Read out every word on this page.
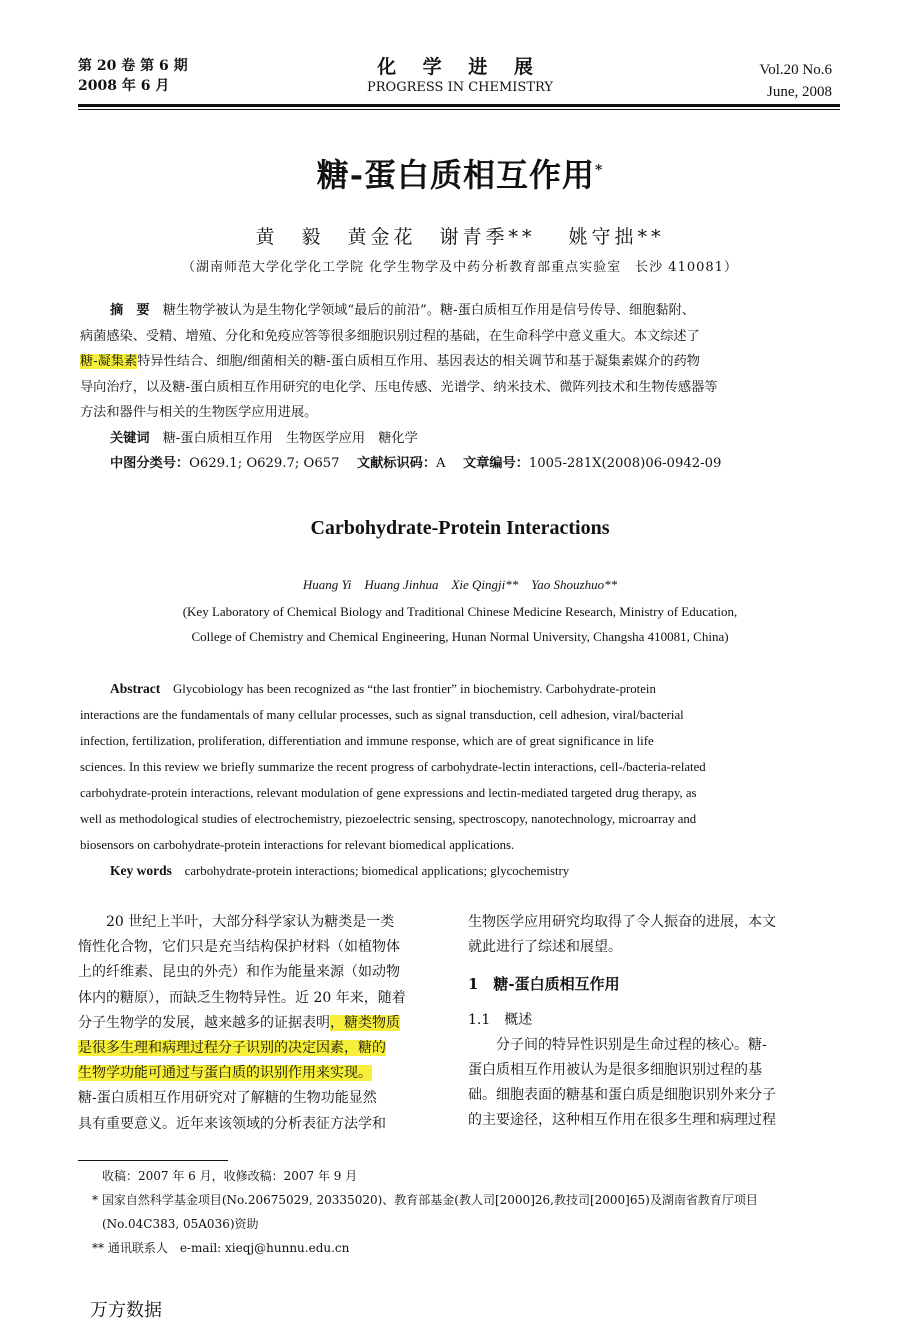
第 20 卷 第 6 期
2008 年 6 月
化 学 进 展
PROGRESS IN CHEMISTRY
Vol.20 No.6
June, 2008
糖-蛋白质相互作用*
黄　毅　黄金花　谢青季** 　姚守拙**
（湖南师范大学化学化工学院 化学生物学及中药分析教育部重点实验室　长沙 410081）
摘　要　 糖生物学被认为是生物化学领域“最后的前沿”。糖-蛋白质相互作用是信号传导、细胞黏附、
病菌感染、受精、增殖、分化和免疫应答等很多细胞识别过程的基础，在生命科学中意义重大。本文综述了
糖-凝集素特异性结合、细胞/细菌相关的糖-蛋白质相互作用、基因表达的相关调节和基于凝集素媒介的药物
导向治疗，以及糖-蛋白质相互作用研究的电化学、压电传感、光谱学、纳米技术、微阵列技术和生物传感器等
方法和器件与相关的生物医学应用进展。
关键词　 糖-蛋白质相互作用　生物医学应用　糖化学
中图分类号：O629.1; O629.7; O657　 文献标识码：A　 文章编号：1005-281X(2008)06-0942-09
Carbohydrate-Protein Interactions
Huang Yi　Huang Jinhua　Xie Qingji**　Yao Shouzhuo**
(Key Laboratory of Chemical Biology and Traditional Chinese Medicine Research, Ministry of Education,
College of Chemistry and Chemical Engineering, Hunan Normal University, Changsha 410081, China)
Abstract Glycobiology has been recognized as “the last frontier” in biochemistry. Carbohydrate-protein
interactions are the fundamentals of many cellular processes, such as signal transduction, cell adhesion, viral/bacterial
infection, fertilization, proliferation, differentiation and immune response, which are of great significance in life
sciences. In this review we briefly summarize the recent progress of carbohydrate-lectin interactions, cell-/bacteria-related
carbohydrate-protein interactions, relevant modulation of gene expressions and lectin-mediated targeted drug therapy, as
well as methodological studies of electrochemistry, piezoelectric sensing, spectroscopy, nanotechnology, microarray and
biosensors on carbohydrate-protein interactions for relevant biomedical applications.
Key words carbohydrate-protein interactions; biomedical applications; glycochemistry
20 世纪上半叶，大部分科学家认为糖类是一类
惰性化合物，它们只是充当结构保护材料（如植物体
上的纤维素、昆虫的外壳）和作为能量来源（如动物
体内的糖原），而缺乏生物特异性。近 20 年来，随着
分子生物学的发展，越来越多的证据表明，糖类物质
是很多生理和病理过程分子识别的决定因素，糖的
生物学功能可通过与蛋白质的识别作用来实现。
糖-蛋白质相互作用研究对了解糖的生物功能显然
具有重要意义。近年来该领域的分析表征方法学和
生物医学应用研究均取得了令人振奋的进展，本文
就此进行了综述和展望。
1　糖-蛋白质相互作用
1.1　概述
分子间的特异性识别是生命过程的核心。糖-
蛋白质相互作用被认为是很多细胞识别过程的基
础。细胞表面的糖基和蛋白质是细胞识别外来分子
的主要途径，这种相互作用在很多生理和病理过程
收稿：2007 年 6 月，收修改稿：2007 年 9 月
* 国家自然科学基金项目(No.20675029, 20335020)、教育部基金(教人司[2000]26,教技司[2000]65)及湖南省教育厅项目
(No.04C383, 05A036)资助
** 通讯联系人　e-mail: xieqj@hunnu.edu.cn
万方数据
